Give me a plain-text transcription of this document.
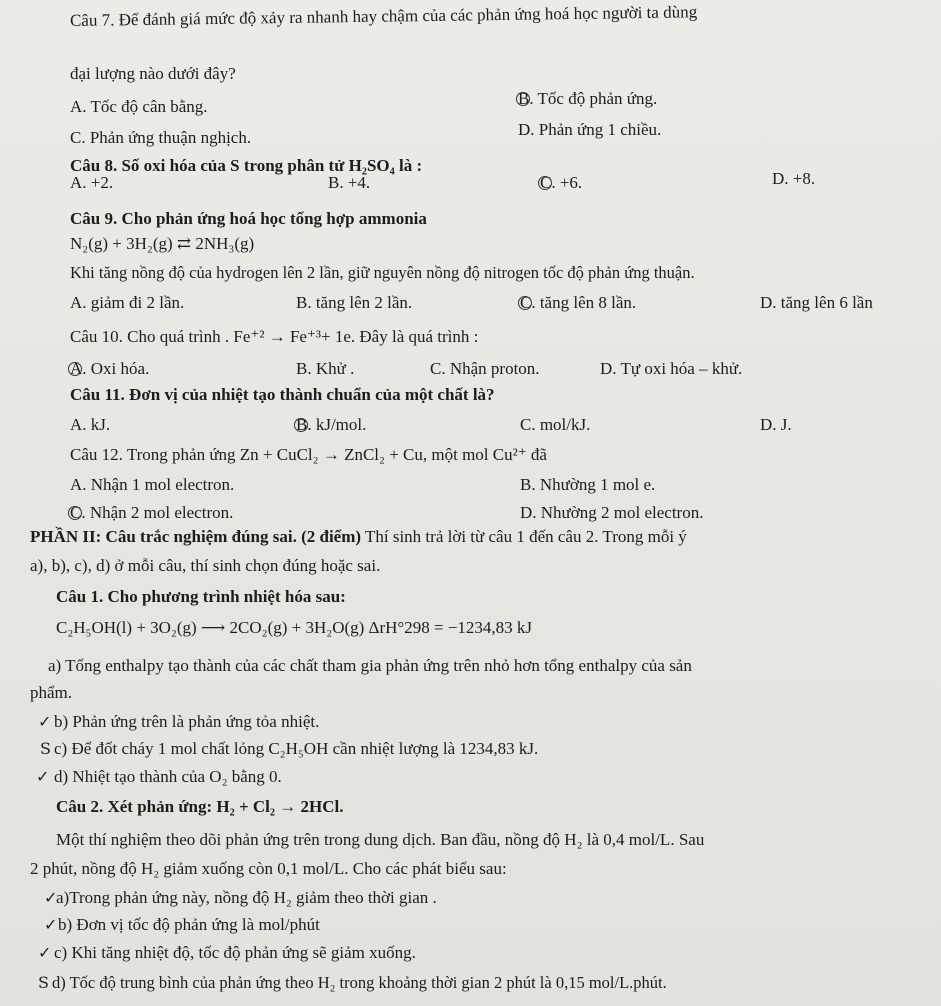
Câu 7. Để đánh giá mức độ xảy ra nhanh hay chậm của các phản ứng hoá học người ta dùng
đại lượng nào dưới đây?
A. Tốc độ cân bằng.	B. Tốc độ phản ứng.
C. Phản ứng thuận nghịch.	D. Phản ứng 1 chiều.
Câu 8. Số oxi hóa của S trong phân tử H₂SO₄ là :
A. +2.	B. +4.	C. +6.	D. +8.
Câu 9. Cho phản ứng hoá học tổng hợp ammonia
N₂(g) + 3H₂(g) ⇄ 2NH₃(g)
Khi tăng nồng độ của hydrogen lên 2 lần, giữ nguyên nồng độ nitrogen tốc độ phản ứng thuận.
A. giảm đi 2 lần.	B. tăng lên 2 lần.	C. tăng lên 8 lần.	D. tăng lên 6 lần
Câu 10. Cho quá trình . Fe⁺² → Fe⁺³+ 1e. Đây là quá trình :
A. Oxi hóa.	B. Khử .	C. Nhận proton.	D. Tự oxi hóa – khử.
Câu 11. Đơn vị của nhiệt tạo thành chuẩn của một chất là?
A. kJ.	B. kJ/mol.	C. mol/kJ.	D. J.
Câu 12. Trong phản ứng Zn + CuCl₂ → ZnCl₂ + Cu, một mol Cu²⁺ đã
A. Nhận 1 mol electron.	B. Nhường 1 mol e.
C. Nhận 2 mol electron.	D. Nhường 2 mol electron.
PHẦN II: Câu trắc nghiệm đúng sai. (2 điểm) Thí sinh trả lời từ câu 1 đến câu 2. Trong mỗi ý
a), b), c), d) ở mỗi câu, thí sinh chọn đúng hoặc sai.
Câu 1. Cho phương trình nhiệt hóa sau:
C₂H₅OH(l) + 3O₂(g) ⟶ 2CO₂(g) + 3H₂O(g) ΔrH°298 = −1234,83 kJ
a) Tổng enthalpy tạo thành của các chất tham gia phản ứng trên nhỏ hơn tổng enthalpy của sản
phẩm.
✓ b) Phản ứng trên là phản ứng tỏa nhiệt.
S c) Để đốt cháy 1 mol chất lỏng C₂H₅OH cần nhiệt lượng là 1234,83 kJ.
✓ d) Nhiệt tạo thành của O₂ bằng 0.
Câu 2. Xét phản ứng: H₂ + Cl₂ → 2HCl.
Một thí nghiệm theo dõi phản ứng trên trong dung dịch. Ban đầu, nồng độ H₂ là 0,4 mol/L. Sau
2 phút, nồng độ H₂ giảm xuống còn 0,1 mol/L. Cho các phát biểu sau:
✓
a)Trong phản ứng này, nồng độ H₂ giảm theo thời gian .
✓ b) Đơn vị tốc độ phản ứng là mol/phút
✓ c) Khi tăng nhiệt độ, tốc độ phản ứng sẽ giảm xuống.
S d) Tốc độ trung bình của phản ứng theo H₂ trong khoảng thời gian 2 phút là 0,15 mol/L.phút.
